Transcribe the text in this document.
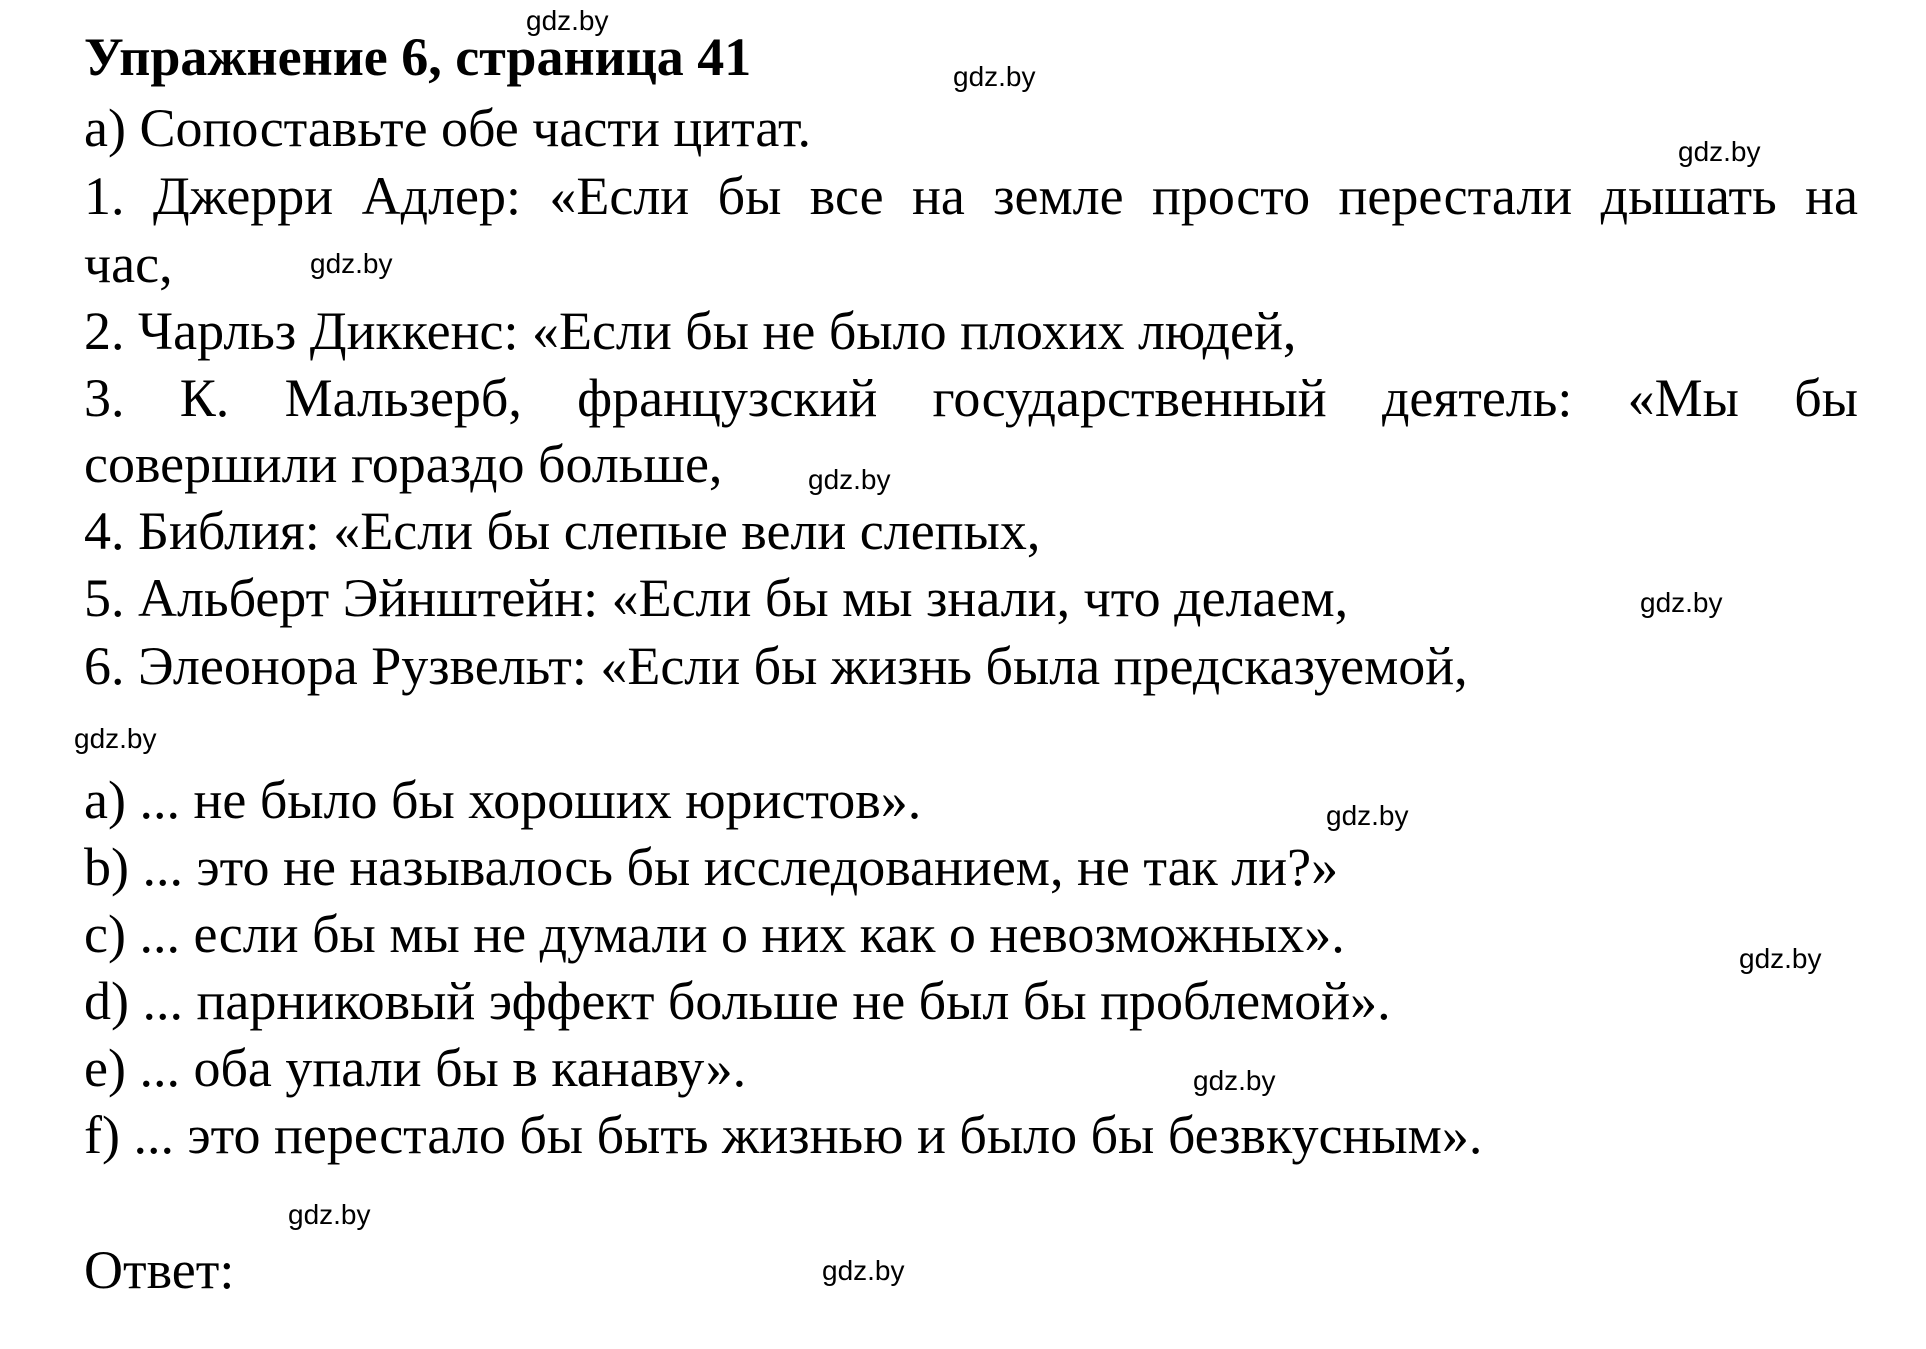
Упражнение 6, страница 41
a) Сопоставьте обе части цитат.
1. Джерри Адлер: «Если бы все на земле просто перестали дышать на
час,
2. Чарльз Диккенс: «Если бы не было плохих людей,
3. К. Мальзерб, французский государственный деятель: «Мы бы
совершили гораздо больше,
4. Библия: «Если бы слепые вели слепых,
5. Альберт Эйнштейн: «Если бы мы знали, что делаем,
6. Элеонора Рузвельт: «Если бы жизнь была предсказуемой,
a) ... не было бы хороших юристов».
b) ... это не называлось бы исследованием, не так ли?»
c) ... если бы мы не думали о них как о невозможных».
d) ... парниковый эффект больше не был бы проблемой».
e) ... оба упали бы в канаву».
f) ... это перестало бы быть жизнью и было бы безвкусным».
Ответ:
gdz.by
gdz.by
gdz.by
gdz.by
gdz.by
gdz.by
gdz.by
gdz.by
gdz.by
gdz.by
gdz.by
gdz.by
